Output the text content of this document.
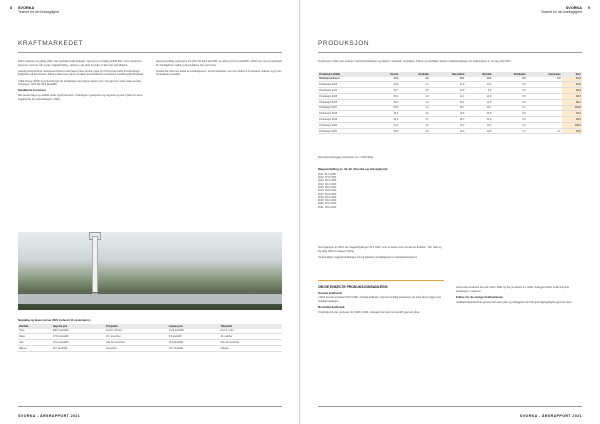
8 SVORKA
Teamet for din livsdaglighet
KRAFTMARKEDET

2021 markerer et tydelig skille i det nordiske kraftmarkedet. Gjennom en kraftig nedbøl fikk vi stor samlet for - sammen med sen vår og lav magasinfylling - prisene i sør økte til nivåer vi ikke har sett tidligere.

Uvanlig strømforbruk i Europa kombinert med høye priser på kull, gass og CO2-kvoter bidro til rekordhøye kraftpriser på kontinentet. Dette smittet over på de nordiske prisområdene med sterke overføringsforbindelser.

I Midt-Norge (NO3) hvor Svorka har sin produksjon var prisene lavere enn i sør gjennom store deler av året. Årsprisen i NO3 ble 39,6 øre/kWh.

Strakkene fremover

Det ventes høye og volatile priser også fremover. Utviklingen i gasspriser og regnvær og snø i fjellet vil være avgjørende for prisutviklingen i 2022.

Gjennomsnittlig systempris for 2021 ble 62,0 øre/kWh, en økning fra 9,3 øre/kWh i 2020 som var et rekordlavt år. Forskjellene mellom prisområdene har vært store.

Svorka har sikret en andel av produksjonen i terminmarkedet, noe som bidrar til å redusere risikoen og gi mer forutsigbare inntekter.

Nøyaktig og lavere priser 2021 (referert til systempris):
Område	Høyeste pris	Tidspunkt	Laveste pris	Tidspunkt
Time	368,7 øre/kWh	8 tid 17-18 nov	-0,03 øre/kWh	time 8, 6 okt
Døgn	173,4 øre/kWh	29. november	5,0 øre/kWh	16. oktober
Uke	131,2 øre/kWh	Uke 49 november	13,8 øre/kWh	Uke 44 november
Måned	60,7 øre/kWh	desember	16,7 øre/kWh	Oktober
SVORKA - ÅRSRAPPORT 2021
SVORKA
Teamet for din livsdaglighet
9
PRODUKSJON
Svorka har i 2021 vært eneeier i Svorka Produksjon og deleier i Vetekraft, Grytdalen, Kvikne og Tjodalåa. Samlet middelproduksjon for kraftverkene er om lag 134 GWh.
Produksjon (GWh)	Svorka	Nordvika	Nesseflord	Bernala	Vetvikvatn	Gammelse	Sum
Middelproduksjon	44,9	4,2	10,1	10,9	6,5	6,0	84,4
Produksjon 2013	48,6	3,1	11,8	10,3	3,8		81,5
Produksjon 2014	54,7	3,6	10,9	8,3	2,6		84,3
Produksjon 2015	53,1	4,3	11,1	14,5	5,5		92,7
Produksjon 2016	56,0	3,4	10,1	12,5	6,8		89,7
Produksjon 2017	65,6	6,1	16,7	13,1	9,1		104,6
Produksjon 2018	46,4	4,0	12,6	13,6	5,8		79,4
Produksjon 2019	54,0	3,7	16,7	12,3	4,9		94,0
Produksjon 2020	63,3	4,0	13,2	14,4	4,6		100,5
Produksjon 2021	59,0	3,0	10,3	12,8	4,7	4,1	97,0
Fjernvarmeanlegget produserer ca. 7 GWh årlig.
Magasinfylling pr. 31.12. (Svorka og Valsøyfjord):
2011: 51,3 GWh
2012: 57,8 GWh
2013: 50,4 GWh
2014: 46,1 GWh
2015: 55,3 GWh
2016: 43,8 GWh
2017: 54,0 GWh
2018: 29,3 GWh
2019: 49,2 GWh
2020: 57,9 GWh
2021: 35,9 GWh

Ved utgangen av 2021 var magasinfyllingen 35,9 GWh, som er lavere enn normalt for årstiden. Tørr høst og lite tilsig bidro til redusert fylling.

Svorka følger magasinutviklingen tett og tilpasser produksjonen til markedssituasjonen.

OM DE ENKELTE PRODUKSJONSANLEGG:
Svorka kraftverk:

I 2021 har det produsert 59,0 GWh i Svorka kraftverk. Gjennomsnittlig produksjon de siste årene ligger over middelproduksjon.

Nordvika kraftverk:

I Nordvika ble det produsert 3,0 GWh i 2021. Anlegget har hatt normal drift gjennom året.

Gammelse kraftverk ble satt i drift i 2021 og har produsert 4,1 GWh. Anlegget bidrar til økt fornybar produksjon i regionen.

Fullse for de øvrige kraftverkene:

Vedlikeholdsarbeid ble gjennomført etter plan og anleggene har hatt god tilgjengelighet gjennom året.

SVORKA - ÅRSRAPPORT 2021
